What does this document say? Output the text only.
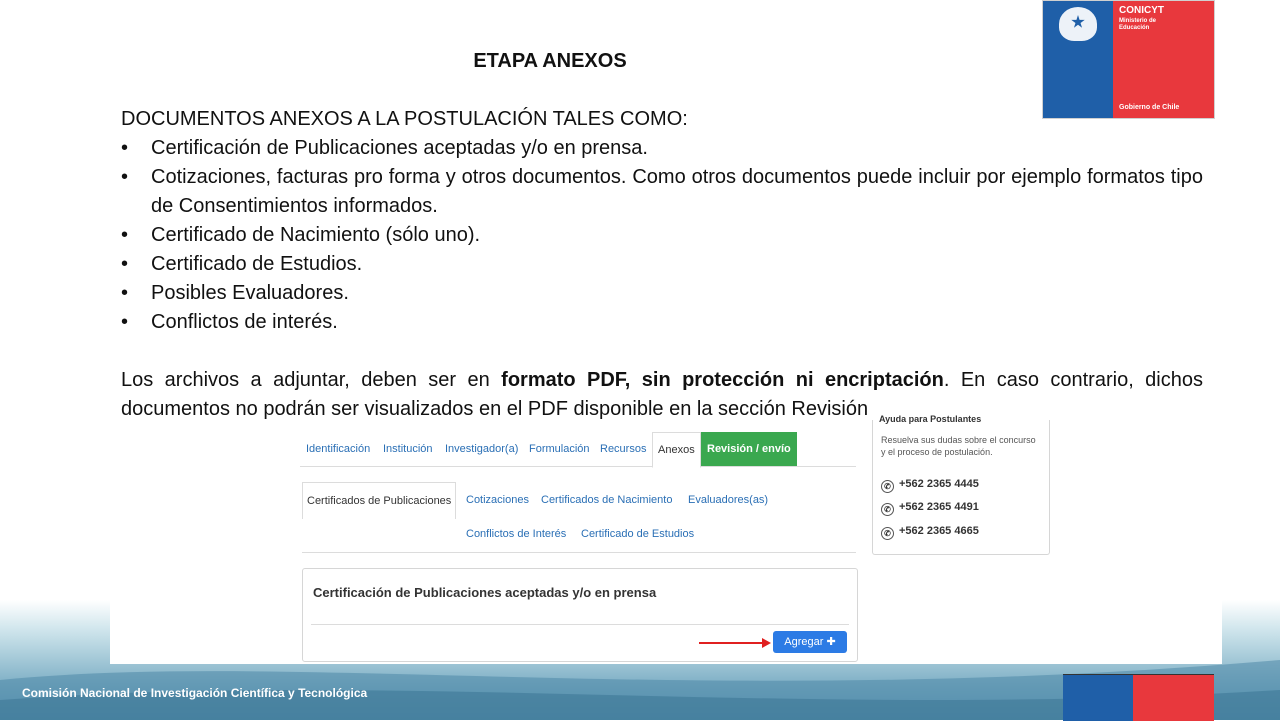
CONICYT
Ministerio de Educación
Gobierno de Chile
ETAPA ANEXOS

DOCUMENTOS ANEXOS A LA POSTULACIÓN TALES COMO:

• Certificación de Publicaciones aceptadas y/o en prensa.
• Cotizaciones, facturas pro forma y otros documentos. Como otros documentos puede incluir por ejemplo formatos tipo de Consentimientos informados.
• Certificado de Nacimiento (sólo uno).
• Certificado de Estudios.
• Posibles Evaluadores.
• Conflictos de interés.

Los archivos a adjuntar, deben ser en formato PDF, sin protección ni encriptación. En caso contrario, dichos documentos no podrán ser visualizados en el PDF disponible en la sección Revisión

Identificación Institución Investigador(a) Formulación Recursos	Anexos	Revisión / envío
Certificados de Publicaciones	Cotizaciones Certificados de Nacimiento Evaluadores(as)
Conflictos de Interés Certificado de Estudios
Certificación de Publicaciones aceptadas y/o en prensa
Agregar ✚
Ayuda para Postulantes
Resuelva sus dudas sobre el concurso y el proceso de postulación.
✆ +562 2365 4445
✆ +562 2365 4491
✆ +562 2365 4665
Comisión Nacional de Investigación Científica y Tecnológica
